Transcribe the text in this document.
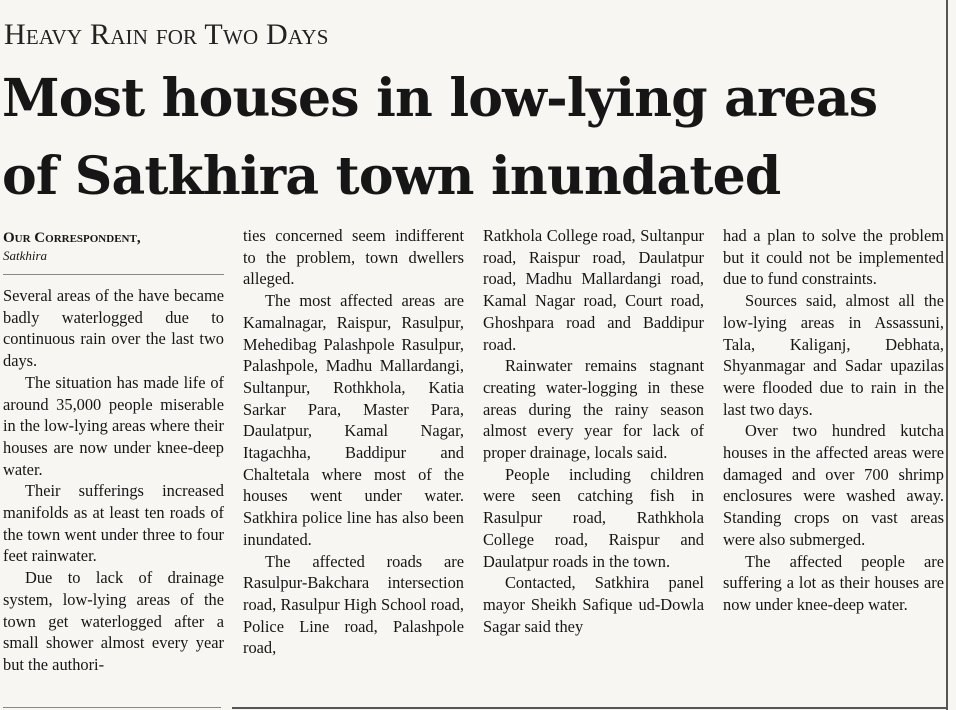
Heavy Rain for Two Days
Most houses in low-lying areas
of Satkhira town inundated
Our Correspondent,
Satkhira

Several areas of the have became badly waterlogged due to continuous rain over the last two days.

The situation has made life of around 35,000 people miserable in the low-lying areas where their houses are now under knee-deep water.

Their sufferings increased manifolds as at least ten roads of the town went under three to four feet rainwater.

Due to lack of drainage system, low-lying areas of the town get waterlogged after a small shower almost every year but the authori-

ties concerned seem indifferent to the problem, town dwellers alleged.

The most affected areas are Kamalnagar, Raispur, Rasulpur, Mehedibag Palashpole Rasulpur, Palashpole, Madhu Mallardangi, Sultanpur, Rothkhola, Katia Sarkar Para, Master Para, Daulatpur, Kamal Nagar, Itagachha, Baddipur and Chaltetala where most of the houses went under water. Satkhira police line has also been inundated.

The affected roads are Rasulpur-Bakchara intersection road, Rasulpur High School road, Police Line road, Palashpole road,

Ratkhola College road, Sultanpur road, Raispur road, Daulatpur road, Madhu Mallardangi road, Kamal Nagar road, Court road, Ghoshpara road and Baddipur road.

Rainwater remains stagnant creating water-logging in these areas during the rainy season almost every year for lack of proper drainage, locals said.

People including children were seen catching fish in Rasulpur road, Rathkhola College road, Raispur and Daulatpur roads in the town.

Contacted, Satkhira panel mayor Sheikh Safique ud-Dowla Sagar said they

had a plan to solve the problem but it could not be implemented due to fund constraints.

Sources said, almost all the low-lying areas in Assassuni, Tala, Kaliganj, Debhata, Shyanmagar and Sadar upazilas were flooded due to rain in the last two days.

Over two hundred kutcha houses in the affected areas were damaged and over 700 shrimp enclosures were washed away. Standing crops on vast areas were also submerged.

The affected people are suffering a lot as their houses are now under knee-deep water.
